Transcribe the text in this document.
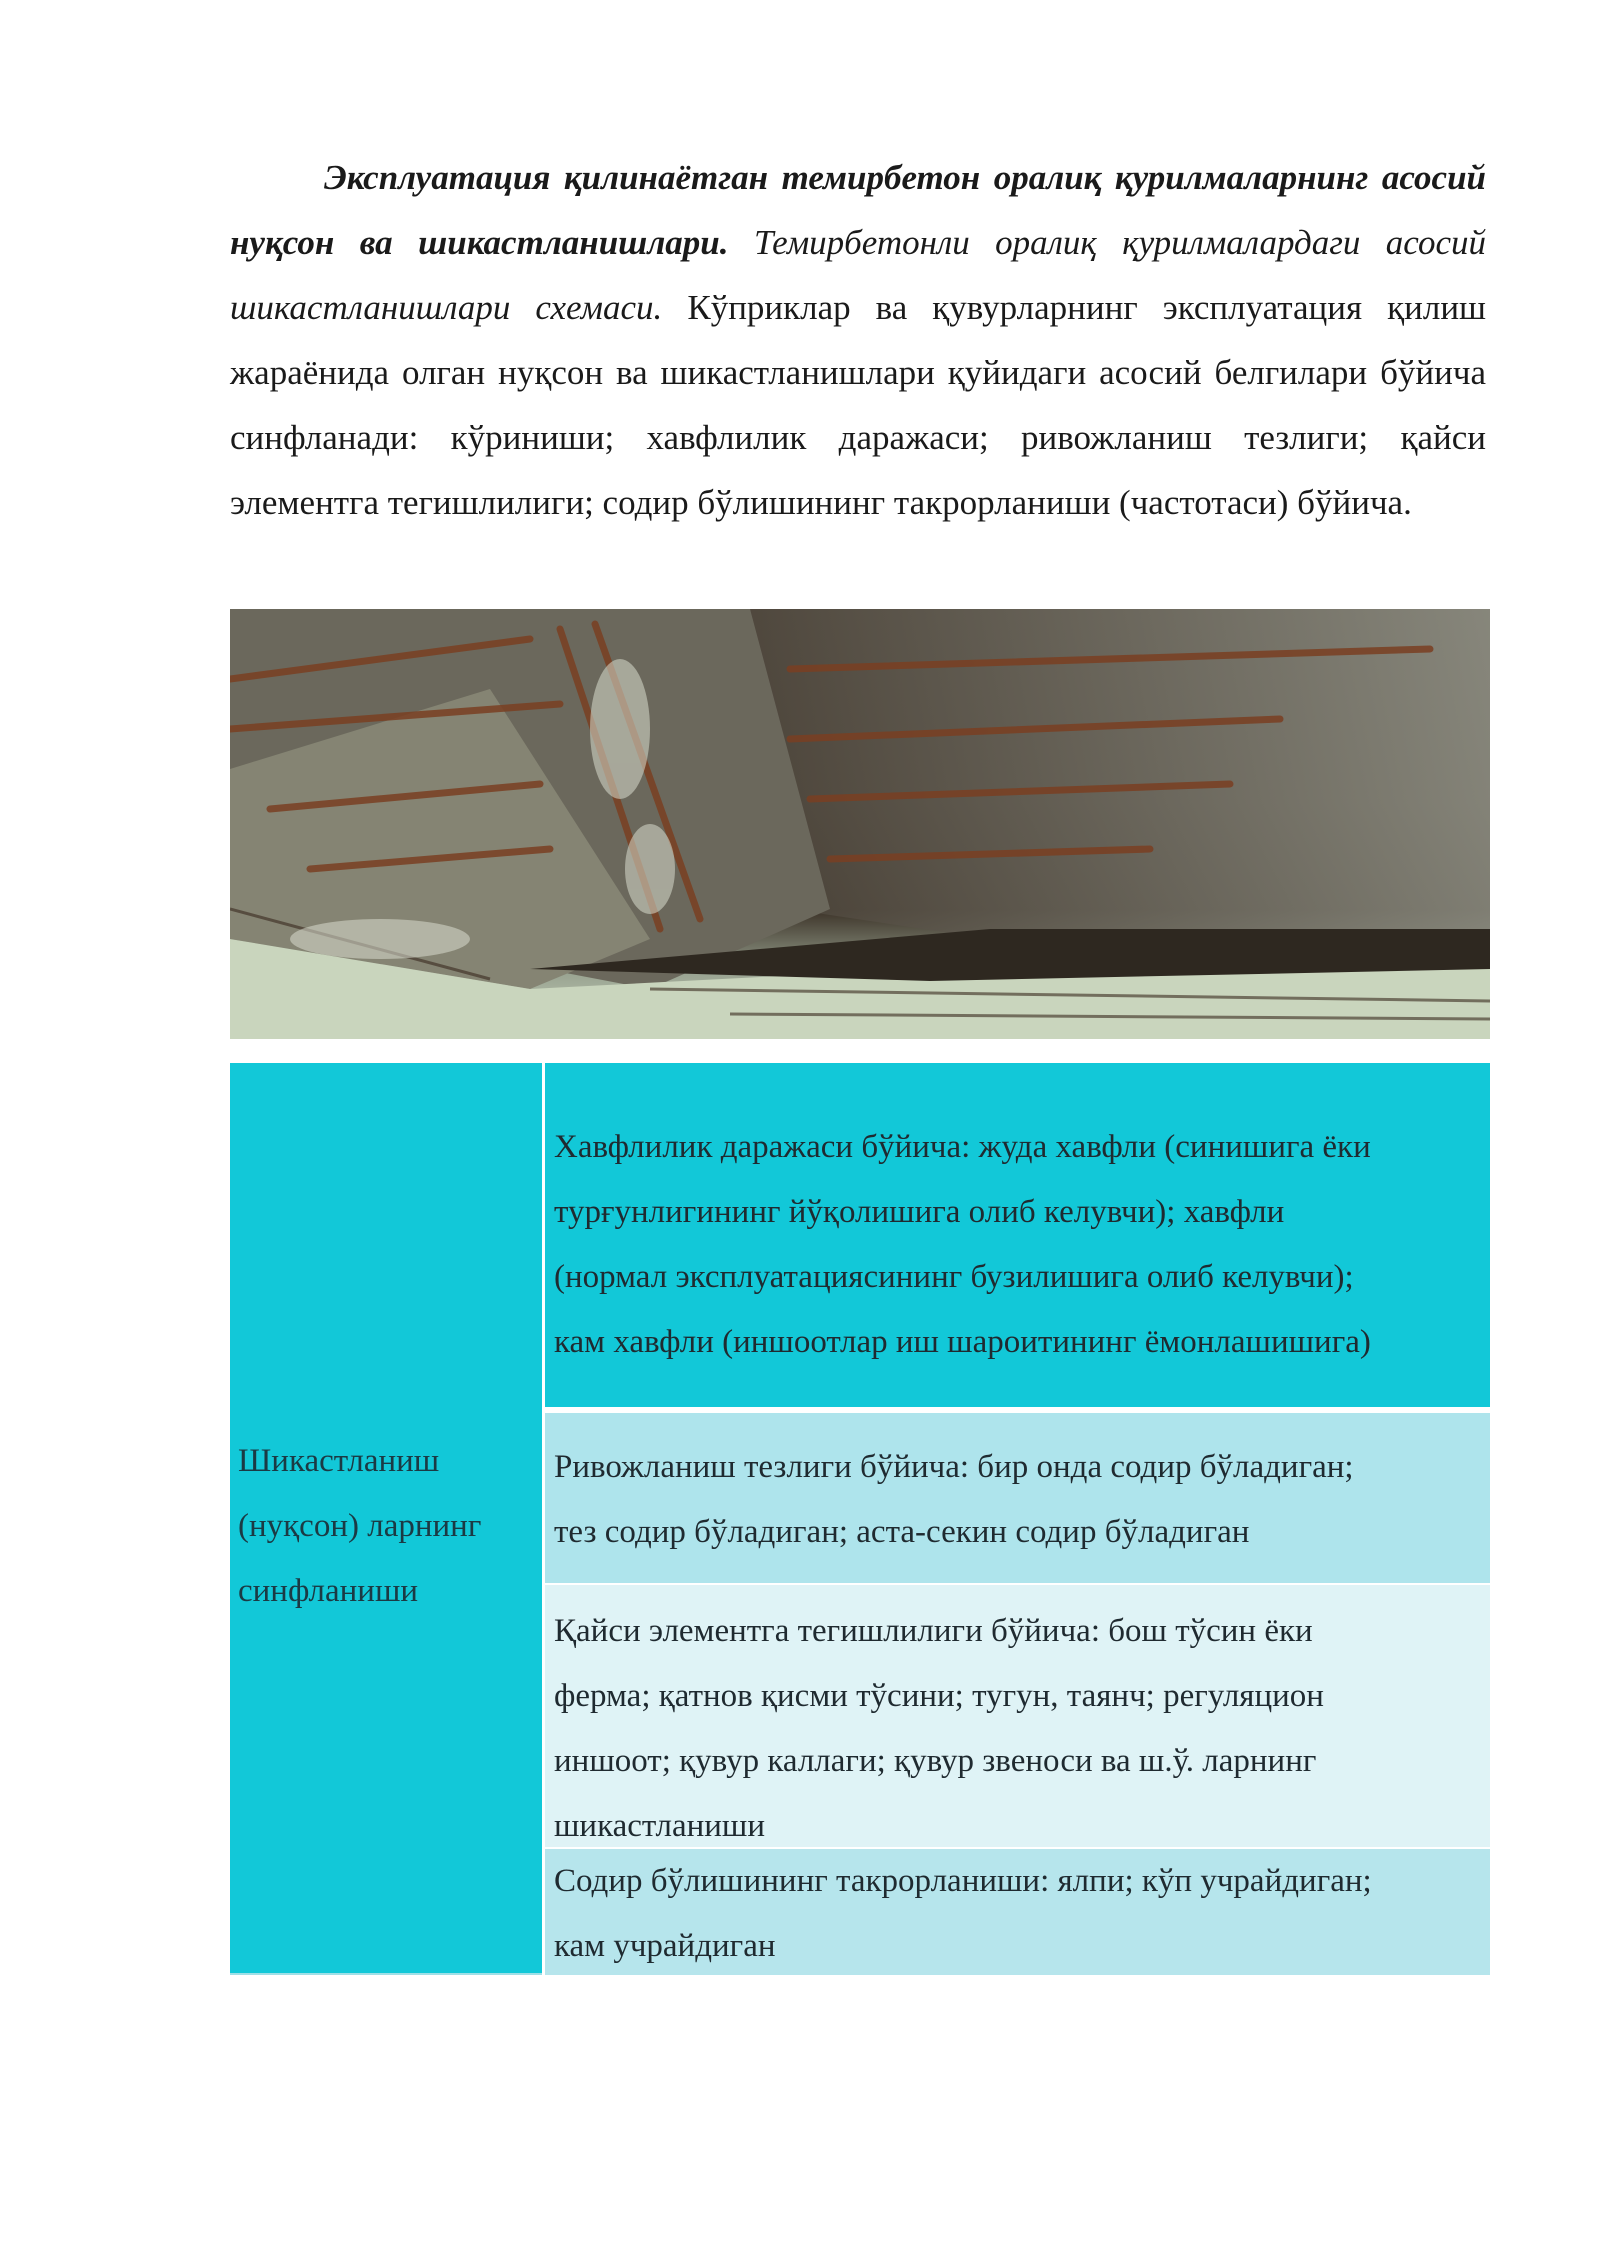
Эксплуатация қилинаётган темирбетон оралиқ қурилмаларнинг асосий нуқсон ва шикастланишлари. Темирбетонли оралиқ қурилмалардаги асосий шикастланишлари схемаси. Кўприклар ва қувурларнинг эксплуатация қилиш жараёнида олган нуқсон ва шикастланишлари қуйидаги асосий белгилари бўйича синфланади: кўриниши; хавфлилик даражаси; ривожланиш тезлиги; қайси элементга тегишлилиги; содир бўлишининг такрорланиши (частотаси) бўйича.

Шикастланиш
(нуқсон) ларнинг
синфланиши
Хавфлилик даражаси бўйича: жуда хавфли (синишига ёки
турғунлигининг йўқолишига олиб келувчи); хавфли
(нормал эксплуатациясининг бузилишига олиб келувчи);
кам хавфли (иншоотлар иш шароитининг ёмонлашишига)
Ривожланиш тезлиги бўйича: бир онда содир бўладиган;
тез содир бўладиган; аста-секин содир бўладиган
Қайси элементга тегишлилиги бўйича: бош тўсин ёки
ферма; қатнов қисми тўсини; тугун, таянч; регуляцион
иншоот; қувур каллаги; қувур звеноси ва ш.ў. ларнинг
шикастланиши
Содир бўлишининг такрорланиши: ялпи; кўп учрайдиган;
кам учрайдиган
